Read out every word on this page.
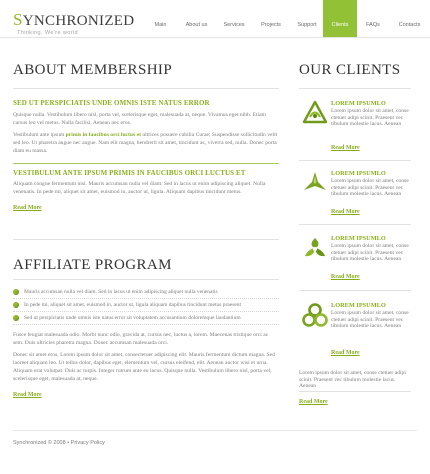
SYNCHRONIZED
Thinking. We're world
Main	About us	Services	Projects	Support	Clients	FAQs	Contacts
ABOUT MEMBERSHIP
SED UT PERSPICIATIS UNDE OMNIS ISTE NATUS ERROR

Quisque nulla. Vestibulum libero nisl, porta vel, scelerisque eget, malesuada at, neque. Vivamus eget nibh. Etiam cursus leo vel metus. Nulla facilisi. Aenean nec eros.

Vestibulum ante ipsum primis in faucibus orci luctus et ultrices posuere cubilia Curae; Suspendisse sollicitudin velit sed leo. Ut pharetra augue nec augue. Nam elit magna, hendrerit sit amet, tincidunt ac, viverra sed, nulla. Donec porta diam eu massa.

VESTIBULUM ANTE IPSUM PRIMIS IN FAUCIBUS ORCI LUCTUS ET

Aliquam congue fermentum nisl. Mauris accumsan nulla vel diam. Sed in lacus ut enim adipiscing aliquet. Nulla venenatis. In pede mi, aliquet sit amet, euismod in, auctor ut, ligula. Aliquam dapibus tincidunt metus.

Read More
AFFILIATE PROGRAM
Mauris accumsan nulla vel diam. Sed in lacus ut enim adipiscing aliquet nulla venenatis
In pede mi, aliquet sit amet, euismod in, auctor ut, ligula aliquam dapibus tincidunt metus praesent
Sed ut perspiciatis unde omnis iste natus error sit voluptatem accusantium doloremque laudantium

Fusce feugiat malesuada odio. Morbi nunc odio, gravida at, cursus nec, luctus a, lorem. Maecenas tristique orci ac sem. Duis ultricies pharetra magna. Donec accumsan malesuada orci.

Donec sit amet eros. Lorem ipsum dolor sit amet, consectetuer adipiscing elit. Mauris fermentum dictum magna. Sed laoreet aliquam leo. Ut tellus dolor, dapibus eget, elementum vel, cursus eleifend, elit. Aenean auctor wisi et urna. Aliquam erat volutpat. Duis ac turpis. Integer rutrum ante eu lacus. Quisque nulla. Vestibulum libero nisl, porta vel, scelerisque eget, malesuada at, neque.

Read More
OUR CLIENTS
LOREM IPSUMLO

Lorem ipsum dolor sit amet, conse ctetuer adipi scinit. Praesent vec tibulum molestie lacus. Aenean

Read More
LOREM IPSUMLO

Lorem ipsum dolor sit amet, conse ctetuer adipi scinit. Praesent vec tibulum molestie lacus. Aenean

Read More
LOREM IPSUMLO

Lorem ipsum dolor sit amet, conse ctetuer adipi scinit. Praesent vec tibulum molestie lacus. Aenean

Read More
LOREM IPSUMLO

Lorem ipsum dolor sit amet, conse ctetuer adipi scinit. Praesent vec tibulum molestie lacus. Aenean

Read More

Lorem ipsum dolor sit amet, conse ctetuer adipi scinit. Praesent vec tibulum molestie lacus. Aenean

Read More
Synchronized © 2008 • Privacy Policy
